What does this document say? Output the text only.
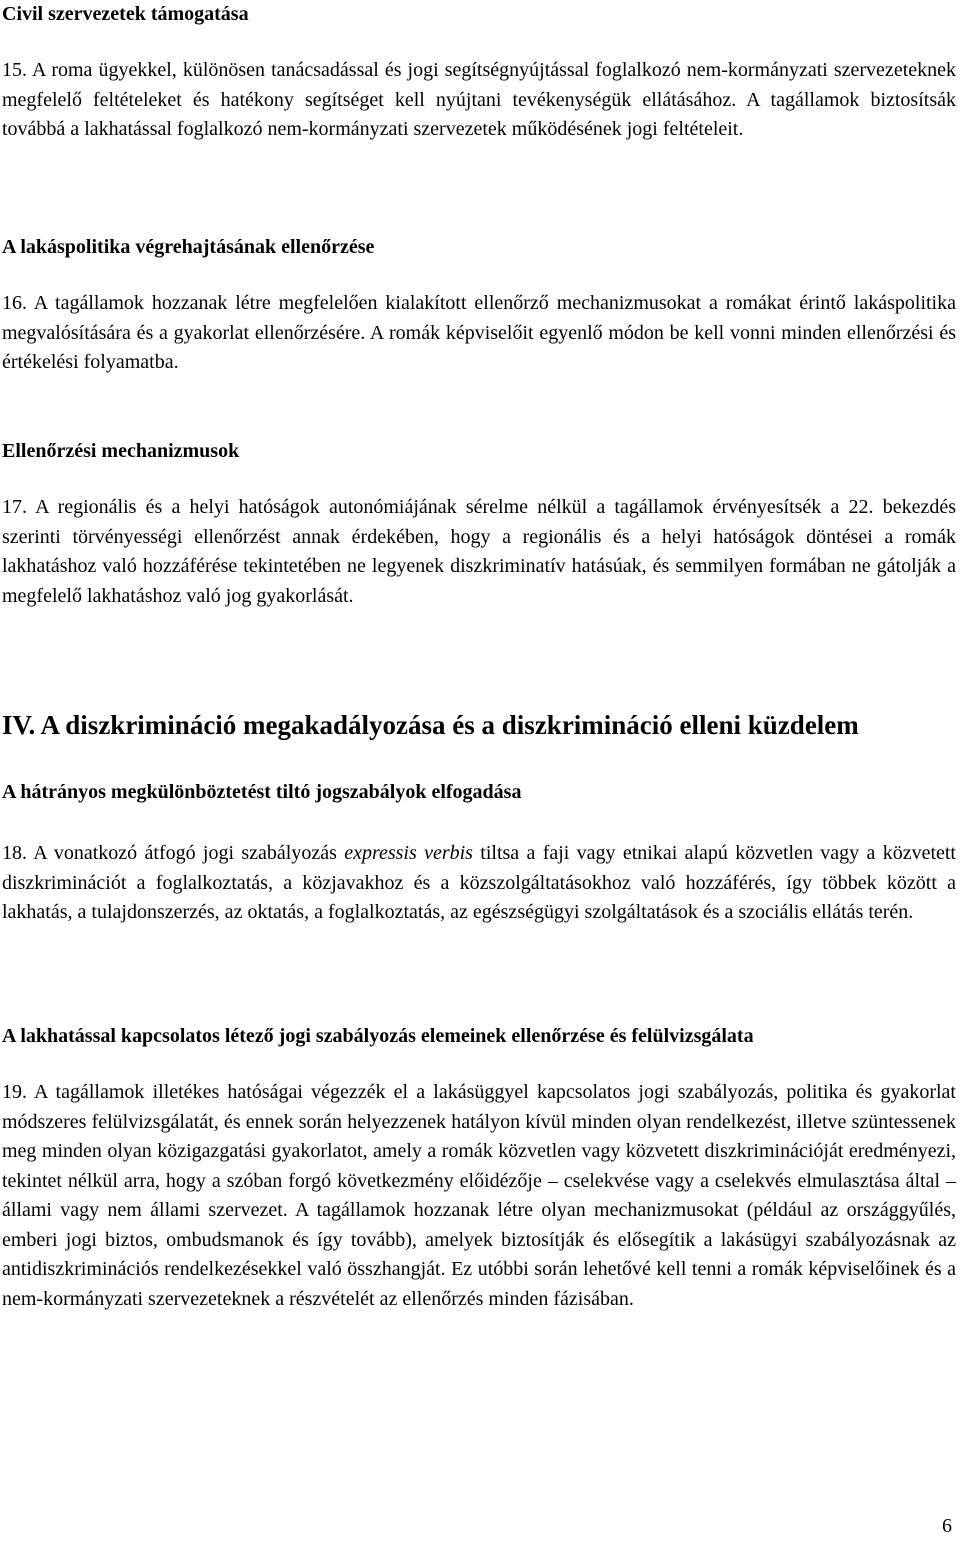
Civil szervezetek támogatása
15. A roma ügyekkel, különösen tanácsadással és jogi segítségnyújtással foglalkozó nem-kormányzati szervezeteknek megfelelő feltételeket és hatékony segítséget kell nyújtani tevékenységük ellátásához. A tagállamok biztosítsák továbbá a lakhatással foglalkozó nem-kormányzati szervezetek működésének jogi feltételeit.
A lakáspolitika végrehajtásának ellenőrzése
16. A tagállamok hozzanak létre megfelelően kialakított ellenőrző mechanizmusokat a romákat érintő lakáspolitika megvalósítására és a gyakorlat ellenőrzésére. A romák képviselőit egyenlő módon be kell vonni minden ellenőrzési és értékelési folyamatba.
Ellenőrzési mechanizmusok
17. A regionális és a helyi hatóságok autonómiájának sérelme nélkül a tagállamok érvényesítsék a 22. bekezdés szerinti törvényességi ellenőrzést annak érdekében, hogy a regionális és a helyi hatóságok döntései a romák lakhatáshoz való hozzáférése tekintetében ne legyenek diszkriminatív hatásúak, és semmilyen formában ne gátolják a megfelelő lakhatáshoz való jog gyakorlását.
IV. A diszkrimináció megakadályozása és a diszkrimináció elleni küzdelem
A hátrányos megkülönböztetést tiltó jogszabályok elfogadása
18. A vonatkozó átfogó jogi szabályozás expressis verbis tiltsa a faji vagy etnikai alapú közvetlen vagy a közvetett diszkriminációt a foglalkoztatás, a közjavakhoz és a közszolgáltatásokhoz való hozzáférés, így többek között a lakhatás, a tulajdonszerzés, az oktatás, a foglalkoztatás, az egészségügyi szolgáltatások és a szociális ellátás terén.
A lakhatással kapcsolatos létező jogi szabályozás elemeinek ellenőrzése és felülvizsgálata
19. A tagállamok illetékes hatóságai végezzék el a lakásüggyel kapcsolatos jogi szabályozás, politika és gyakorlat módszeres felülvizsgálatát, és ennek során helyezzenek hatályon kívül minden olyan rendelkezést, illetve szüntessenek meg minden olyan közigazgatási gyakorlatot, amely a romák közvetlen vagy közvetett diszkriminációját eredményezi, tekintet nélkül arra, hogy a szóban forgó következmény előidézője – cselekvése vagy a cselekvés elmulasztása által – állami vagy nem állami szervezet. A tagállamok hozzanak létre olyan mechanizmusokat (például az országgyűlés, emberi jogi biztos, ombudsmanok és így tovább), amelyek biztosítják és elősegítik a lakásügyi szabályozásnak az antidiszkriminációs rendelkezésekkel való összhangját. Ez utóbbi során lehetővé kell tenni a romák képviselőinek és a nem-kormányzati szervezeteknek a részvételét az ellenőrzés minden fázisában.
6
